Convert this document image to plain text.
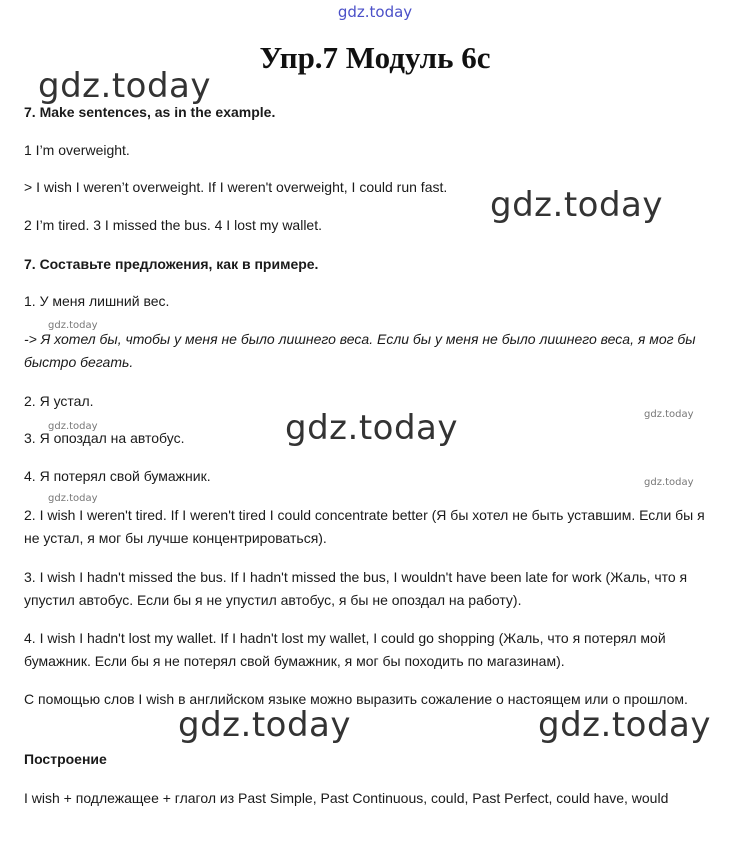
gdz.today
Упр.7 Модуль 6c
gdz.today
7. Make sentences, as in the example.
1 I’m overweight.
> I wish I weren’t overweight. If I weren't overweight, I could run fast.	gdz.today
2 I’m tired. 3 I missed the bus. 4 I lost my wallet.
7. Составьте предложения, как в примере.
1. У меня лишний вес.
gdz.today
-> Я хотел бы, чтобы у меня не было лишнего веса. Если бы у меня не было лишнего веса, я мог бы быстро бегать.
2. Я устал.
gdz.today	gdz.today
gdz.today
3. Я опоздал на автобус.
4. Я потерял свой бумажник.	gdz.today
gdz.today
2. I wish I weren't tired. If I weren't tired I could concentrate better (Я бы хотел не быть уставшим. Если бы я не устал, я мог бы лучше концентрироваться).
3. I wish I hadn't missed the bus. If I hadn't missed the bus, I wouldn't have been late for work (Жаль, что я упустил автобус. Если бы я не упустил автобус, я бы не опоздал на работу).
4. I wish I hadn't lost my wallet. If I hadn't lost my wallet, I could go shopping (Жаль, что я потерял мой бумажник. Если бы я не потерял свой бумажник, я мог бы походить по магазинам).
С помощью слов I wish в английском языке можно выразить сожаление о настоящем или о прошлом.
gdz.today	gdz.today
Построение
I wish + подлежащее + глагол из Past Simple, Past Continuous, could, Past Perfect, could have, would
